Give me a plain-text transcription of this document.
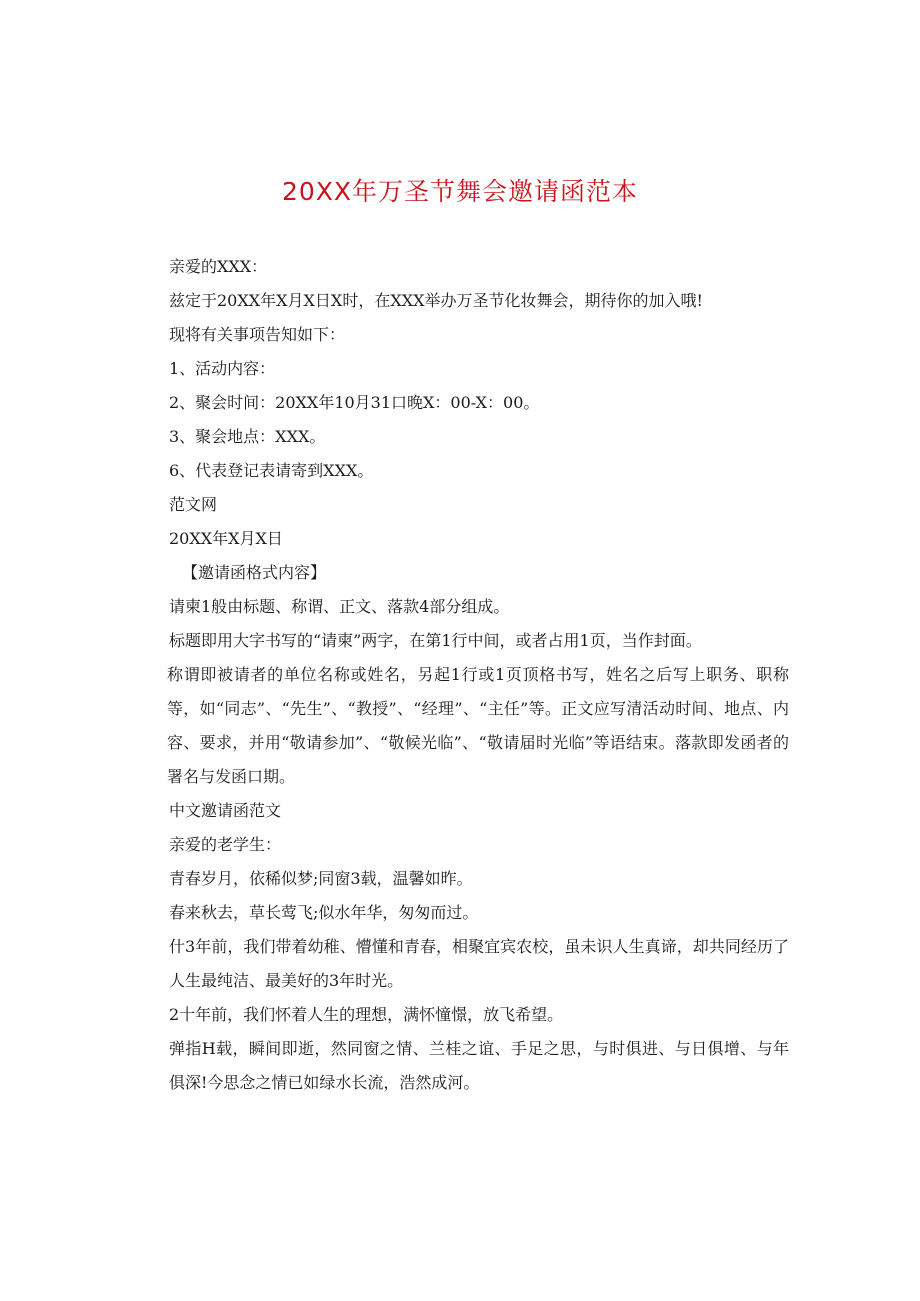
20XX年万圣节舞会邀请函范本

亲爱的XXX：

兹定于20XX年X月X日X时，在XXX举办万圣节化妆舞会，期待你的加入哦!

现将有关事项告知如下：

1、活动内容：

2、聚会时间：20XX年10月31口晚X：00-X：00。

3、聚会地点：XXX。

6、代表登记表请寄到XXX。

范文网

20XX年X月X日

【邀请函格式内容】

请柬1般由标题、称谓、正文、落款4部分组成。

标题即用大字书写的“请柬”两字，在第1行中间，或者占用1页，当作封面。

称谓即被请者的单位名称或姓名，另起1行或1页顶格书写，姓名之后写上职务、职称等，如“同志”、“先生”、“教授”、“经理”、“主任”等。正文应写清活动时间、地点、内容、要求，并用“敬请参加”、“敬候光临”、“敬请届时光临”等语结束。落款即发函者的署名与发函口期。

中文邀请函范文

亲爱的老学生：

青春岁月，依稀似梦;同窗3载，温馨如昨。

春来秋去，草长莺飞;似水年华，匆匆而过。

什3年前，我们带着幼稚、懵懂和青春，相聚宜宾农校，虽未识人生真谛，却共同经历了人生最纯洁、最美好的3年时光。

2十年前，我们怀着人生的理想，满怀憧憬，放飞希望。

弹指H载，瞬间即逝，然同窗之情、兰桂之谊、手足之思，与时俱进、与日俱增、与年俱深!今思念之情已如绿水长流，浩然成河。
